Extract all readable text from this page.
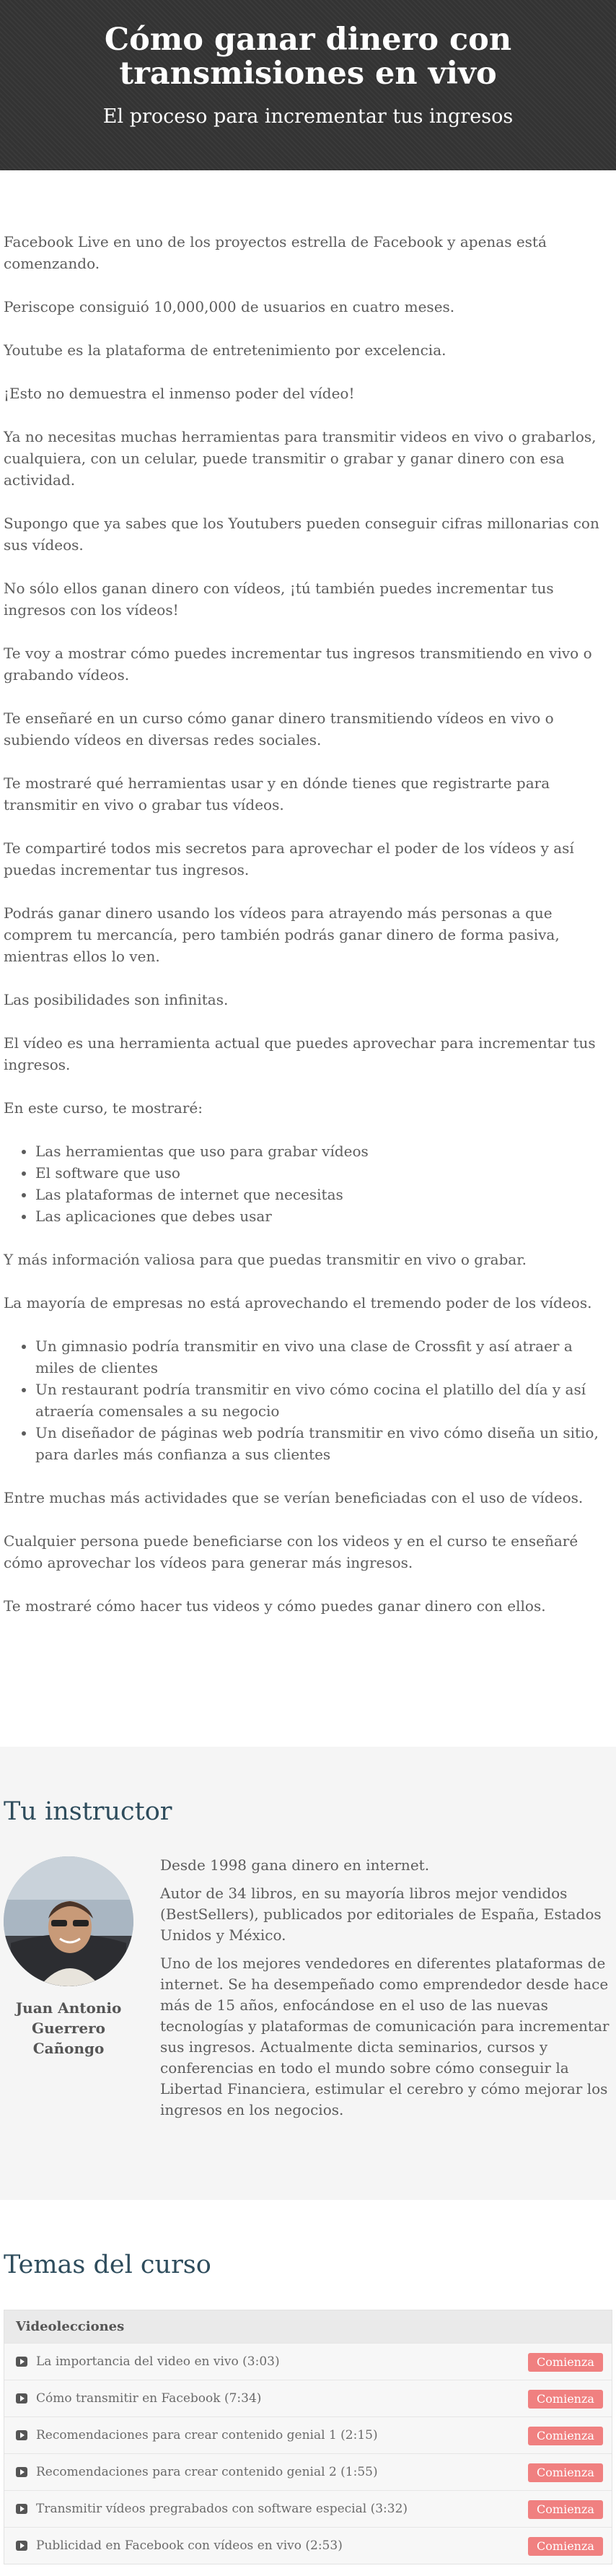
Cómo ganar dinero con transmisiones en vivo
El proceso para incrementar tus ingresos

Facebook Live en uno de los proyectos estrella de Facebook y apenas está comenzando.

Periscope consiguió 10,000,000 de usuarios en cuatro meses.

Youtube es la plataforma de entretenimiento por excelencia.

¡Esto no demuestra el inmenso poder del vídeo!

Ya no necesitas muchas herramientas para transmitir videos en vivo o grabarlos, cualquiera, con un celular, puede transmitir o grabar y ganar dinero con esa actividad.

Supongo que ya sabes que los Youtubers pueden conseguir cifras millonarias con sus vídeos.

No sólo ellos ganan dinero con vídeos, ¡tú también puedes incrementar tus ingresos con los vídeos!

Te voy a mostrar cómo puedes incrementar tus ingresos transmitiendo en vivo o grabando vídeos.

Te enseñaré en un curso cómo ganar dinero transmitiendo vídeos en vivo o subiendo vídeos en diversas redes sociales.

Te mostraré qué herramientas usar y en dónde tienes que registrarte para transmitir en vivo o grabar tus vídeos.

Te compartiré todos mis secretos para aprovechar el poder de los vídeos y así puedas incrementar tus ingresos.

Podrás ganar dinero usando los vídeos para atrayendo más personas a que comprem tu mercancía, pero también podrás ganar dinero de forma pasiva, mientras ellos lo ven.

Las posibilidades son infinitas.

El vídeo es una herramienta actual que puedes aprovechar para incrementar tus ingresos.

En este curso, te mostraré:

• Las herramientas que uso para grabar vídeos
• El software que uso
• Las plataformas de internet que necesitas
• Las aplicaciones que debes usar

Y más información valiosa para que puedas transmitir en vivo o grabar.

La mayoría de empresas no está aprovechando el tremendo poder de los vídeos.

• Un gimnasio podría transmitir en vivo una clase de Crossfit y así atraer a miles de clientes
• Un restaurant podría transmitir en vivo cómo cocina el platillo del día y así atraería comensales a su negocio
• Un diseñador de páginas web podría transmitir en vivo cómo diseña un sitio, para darles más confianza a sus clientes

Entre muchas más actividades que se verían beneficiadas con el uso de vídeos.

Cualquier persona puede beneficiarse con los videos y en el curso te enseñaré cómo aprovechar los vídeos para generar más ingresos.

Te mostraré cómo hacer tus videos y cómo puedes ganar dinero con ellos.

Tu instructor
Juan Antonio Guerrero Cañongo

Desde 1998 gana dinero en internet.

Autor de 34 libros, en su mayoría libros mejor vendidos (BestSellers), publicados por editoriales de España, Estados Unidos y México.

Uno de los mejores vendedores en diferentes plataformas de internet. Se ha desempeñado como emprendedor desde hace más de 15 años, enfocándose en el uso de las nuevas tecnologías y plataformas de comunicación para incrementar sus ingresos. Actualmente dicta seminarios, cursos y conferencias en todo el mundo sobre cómo conseguir la Libertad Financiera, estimular el cerebro y cómo mejorar los ingresos en los negocios.

Temas del curso
Videolecciones
La importancia del video en vivo (3:03)	Comienza
Cómo transmitir en Facebook (7:34)	Comienza
Recomendaciones para crear contenido genial 1 (2:15)	Comienza
Recomendaciones para crear contenido genial 2 (1:55)	Comienza
Transmitir vídeos pregrabados con software especial (3:32)	Comienza
Publicidad en Facebook con vídeos en vivo (2:53)	Comienza
